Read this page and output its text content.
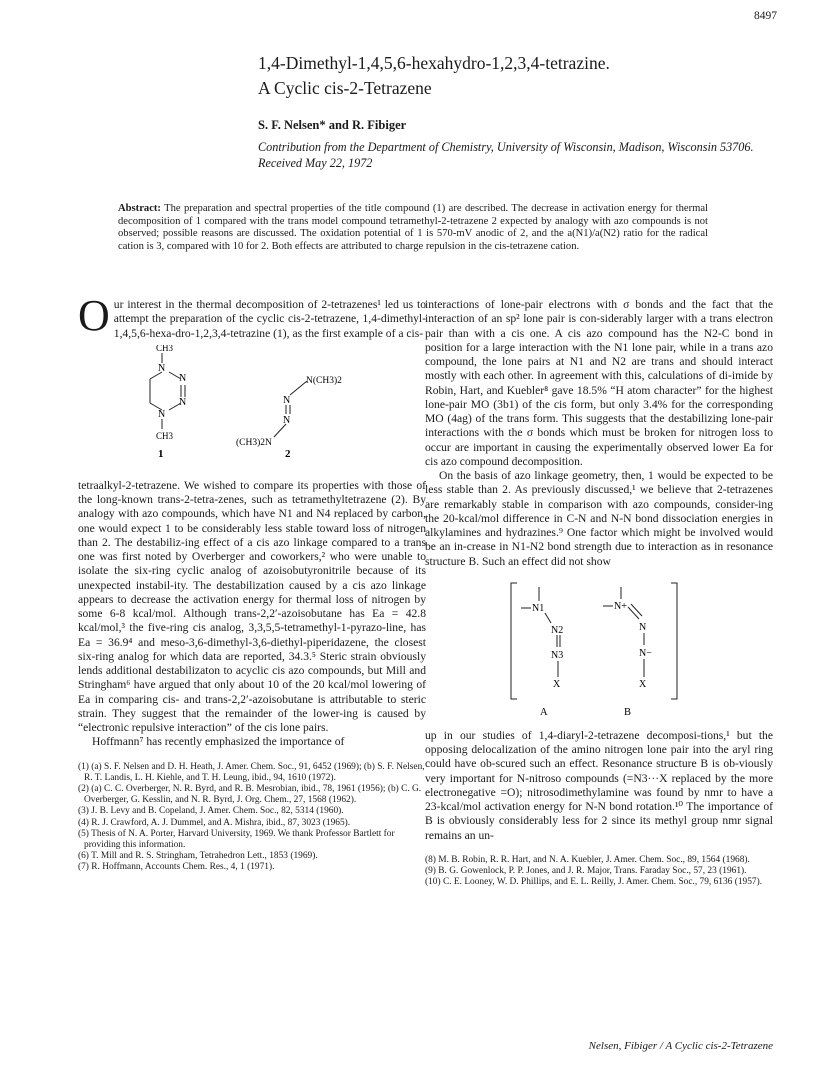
8497
1,4-Dimethyl-1,4,5,6-hexahydro-1,2,3,4-tetrazine.
A Cyclic cis-2-Tetrazene
S. F. Nelsen* and R. Fibiger
Contribution from the Department of Chemistry, University of Wisconsin, Madison, Wisconsin 53706. Received May 22, 1972
Abstract: The preparation and spectral properties of the title compound (1) are described. The decrease in activation energy for thermal decomposition of 1 compared with the trans model compound tetramethyl-2-tetrazene 2 expected by analogy with azo compounds is not observed; possible reasons are discussed. The oxidation potential of 1 is 570-mV anodic of 2, and the a(N1)/a(N2) ratio for the radical cation is 3, compared with 10 for 2. Both effects are attributed to charge repulsion in the cis-tetrazene cation.

Our interest in the thermal decomposition of 2-tetrazenes¹ led us to attempt the preparation of the cyclic cis-2-tetrazene, 1,4-dimethyl-1,4,5,6-hexa-dro-1,2,3,4-tetrazine (1), as the first example of a cis-

CH3
N
N
N
N
CH3
1
N(CH3)2
N
N
(CH3)2N
2

tetraalkyl-2-tetrazene. We wished to compare its properties with those of the long-known trans-2-tetra-zenes, such as tetramethyltetrazene (2). By analogy with azo compounds, which have N1 and N4 replaced by carbon, one would expect 1 to be considerably less stable toward loss of nitrogen than 2. The destabiliz-ing effect of a cis azo linkage compared to a trans one was first noted by Overberger and coworkers,² who were unable to isolate the six-ring cyclic analog of azoisobutyronitrile because of its unexpected instabil-ity. The destabilization caused by a cis azo linkage appears to decrease the activation energy for thermal loss of nitrogen by some 6-8 kcal/mol. Although trans-2,2′-azoisobutane has Ea = 42.8 kcal/mol,³ the five-ring cis analog, 3,3,5,5-tetramethyl-1-pyrazo-line, has Ea = 36.9⁴ and meso-3,6-dimethyl-3,6-diethyl-piperidazene, the closest six-ring analog for which data are reported, 34.3.⁵ Steric strain obviously lends additional destabilizaton to acyclic cis azo compounds, but Mill and Stringham⁶ have argued that only about 10 of the 20 kcal/mol lowering of Ea in comparing cis- and trans-2,2′-azoisobutane is attributable to steric strain. They suggest that the remainder of the lower-ing is caused by “electronic repulsive interaction” of the cis lone pairs.

Hoffmann⁷ has recently emphasized the importance of

(1) (a) S. F. Nelsen and D. H. Heath, J. Amer. Chem. Soc., 91, 6452 (1969); (b) S. F. Nelsen, R. T. Landis, L. H. Kiehle, and T. H. Leung, ibid., 94, 1610 (1972).
(2) (a) C. C. Overberger, N. R. Byrd, and R. B. Mesrobian, ibid., 78, 1961 (1956); (b) C. G. Overberger, G. Kesslin, and N. R. Byrd, J. Org. Chem., 27, 1568 (1962).
(3) J. B. Levy and B. Copeland, J. Amer. Chem. Soc., 82, 5314 (1960).
(4) R. J. Crawford, A. J. Dummel, and A. Mishra, ibid., 87, 3023 (1965).
(5) Thesis of N. A. Porter, Harvard University, 1969. We thank Professor Bartlett for providing this information.
(6) T. Mill and R. S. Stringham, Tetrahedron Lett., 1853 (1969).
(7) R. Hoffmann, Accounts Chem. Res., 4, 1 (1971).

interactions of lone-pair electrons with σ bonds and the fact that the interaction of an sp² lone pair is con-siderably larger with a trans electron pair than with a cis one. A cis azo compound has the N2-C bond in position for a large interaction with the N1 lone pair, while in a trans azo compound, the lone pairs at N1 and N2 are trans and should interact mostly with each other. In agreement with this, calculations of di-imide by Robin, Hart, and Kuebler⁸ gave 18.5% “H atom character” for the highest lone-pair MO (3b1) of the cis form, but only 3.4% for the corresponding MO (4ag) of the trans form. This suggests that the destabilizing lone-pair interactions with the σ bonds which must be broken for nitrogen loss to occur are important in causing the experimentally observed lower Ea for cis azo compound decomposition.

On the basis of azo linkage geometry, then, 1 would be expected to be less stable than 2. As previously discussed,¹ we believe that 2-tetrazenes are remarkably stable in comparison with azo compounds, consider-ing the 20-kcal/mol difference in C-N and N-N bond dissociation energies in alkylamines and hydrazines.⁹ One factor which might be involved would be an in-crease in N1-N2 bond strength due to interaction as in resonance structure B. Such an effect did not show

N1
N2
N3
X
N+
N
N−
X
A	B

up in our studies of 1,4-diaryl-2-tetrazene decomposi-tions,¹ but the opposing delocalization of the amino nitrogen lone pair into the aryl ring could have ob-scured such an effect. Resonance structure B is ob-viously very important for N-nitroso compounds (=N3···X replaced by the more electronegative =O); nitrosodimethylamine was found by nmr to have a 23-kcal/mol activation energy for N-N bond rotation.¹⁰ The importance of B is obviously considerably less for 2 since its methyl group nmr signal remains an un-

(8) M. B. Robin, R. R. Hart, and N. A. Kuebler, J. Amer. Chem. Soc., 89, 1564 (1968).
(9) B. G. Gowenlock, P. P. Jones, and J. R. Major, Trans. Faraday Soc., 57, 23 (1961).
(10) C. E. Looney, W. D. Phillips, and E. L. Reilly, J. Amer. Chem. Soc., 79, 6136 (1957).
Nelsen, Fibiger / A Cyclic cis-2-Tetrazene
